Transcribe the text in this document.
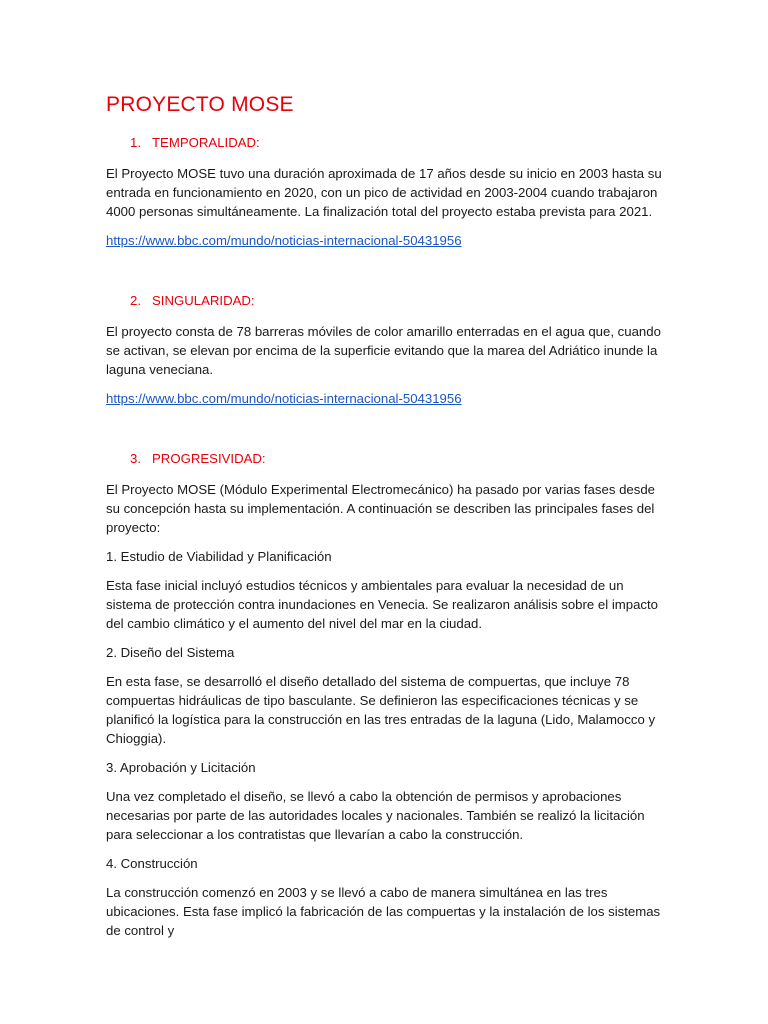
PROYECTO MOSE
1. TEMPORALIDAD:

El Proyecto MOSE tuvo una duración aproximada de 17 años desde su inicio en 2003 hasta su entrada en funcionamiento en 2020, con un pico de actividad en 2003-2004 cuando trabajaron 4000 personas simultáneamente. La finalización total del proyecto estaba prevista para 2021.

https://www.bbc.com/mundo/noticias-internacional-50431956
2. SINGULARIDAD:

El proyecto consta de 78 barreras móviles de color amarillo enterradas en el agua que, cuando se activan, se elevan por encima de la superficie evitando que la marea del Adriático inunde la laguna veneciana.

https://www.bbc.com/mundo/noticias-internacional-50431956
3. PROGRESIVIDAD:

El Proyecto MOSE (Módulo Experimental Electromecánico) ha pasado por varias fases desde su concepción hasta su implementación. A continuación se describen las principales fases del proyecto:

1. Estudio de Viabilidad y Planificación

Esta fase inicial incluyó estudios técnicos y ambientales para evaluar la necesidad de un sistema de protección contra inundaciones en Venecia. Se realizaron análisis sobre el impacto del cambio climático y el aumento del nivel del mar en la ciudad.

2. Diseño del Sistema

En esta fase, se desarrolló el diseño detallado del sistema de compuertas, que incluye 78 compuertas hidráulicas de tipo basculante. Se definieron las especificaciones técnicas y se planificó la logística para la construcción en las tres entradas de la laguna (Lido, Malamocco y Chioggia).

3. Aprobación y Licitación

Una vez completado el diseño, se llevó a cabo la obtención de permisos y aprobaciones necesarias por parte de las autoridades locales y nacionales. También se realizó la licitación para seleccionar a los contratistas que llevarían a cabo la construcción.

4. Construcción

La construcción comenzó en 2003 y se llevó a cabo de manera simultánea en las tres ubicaciones. Esta fase implicó la fabricación de las compuertas y la instalación de los sistemas de control y
